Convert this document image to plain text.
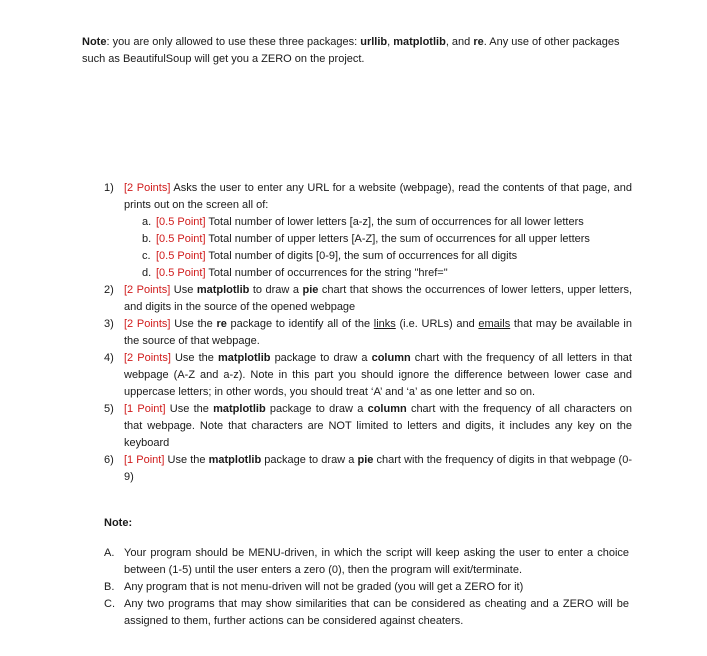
Note: you are only allowed to use these three packages: urllib, matplotlib, and re. Any use of other packages such as BeautifulSoup will get you a ZERO on the project.
1) [2 Points] Asks the user to enter any URL for a website (webpage), read the contents of that page, and prints out on the screen all of:
a. [0.5 Point] Total number of lower letters [a-z], the sum of occurrences for all lower letters
b. [0.5 Point] Total number of upper letters [A-Z], the sum of occurrences for all upper letters
c. [0.5 Point] Total number of digits [0-9], the sum of occurrences for all digits
d. [0.5 Point] Total number of occurrences for the string "href="
2) [2 Points] Use matplotlib to draw a pie chart that shows the occurrences of lower letters, upper letters, and digits in the source of the opened webpage
3) [2 Points] Use the re package to identify all of the links (i.e. URLs) and emails that may be available in the source of that webpage.
4) [2 Points] Use the matplotlib package to draw a column chart with the frequency of all letters in that webpage (A-Z and a-z). Note in this part you should ignore the difference between lower case and uppercase letters; in other words, you should treat ‘A’ and ‘a’ as one letter and so on.
5) [1 Point] Use the matplotlib package to draw a column chart with the frequency of all characters on that webpage. Note that characters are NOT limited to letters and digits, it includes any key on the keyboard
6) [1 Point] Use the matplotlib package to draw a pie chart with the frequency of digits in that webpage (0-9)
Note:
A. Your program should be MENU-driven, in which the script will keep asking the user to enter a choice between (1-5) until the user enters a zero (0), then the program will exit/terminate.
B. Any program that is not menu-driven will not be graded (you will get a ZERO for it)
C. Any two programs that may show similarities that can be considered as cheating and a ZERO will be assigned to them, further actions can be considered against cheaters.
